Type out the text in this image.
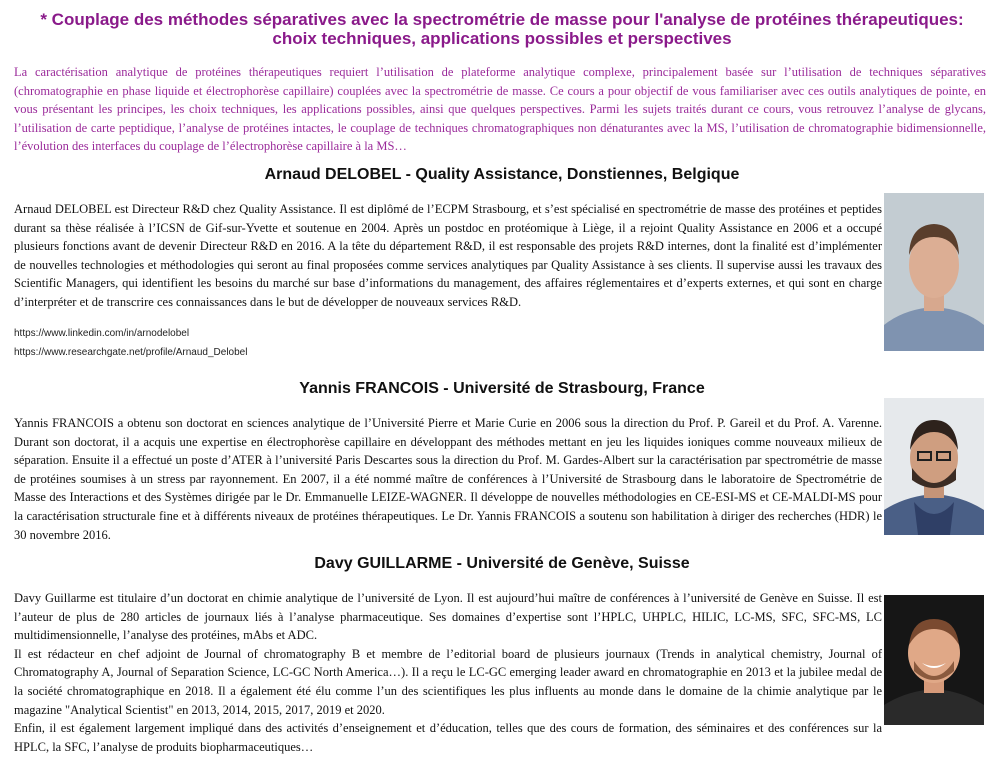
* Couplage des méthodes séparatives avec la spectrométrie de masse pour l'analyse de protéines thérapeutiques: choix techniques, applications possibles et perspectives

La caractérisation analytique de protéines thérapeutiques requiert l’utilisation de plateforme analytique complexe, principalement basée sur l’utilisation de techniques séparatives (chromatographie en phase liquide et électrophorèse capillaire) couplées avec la spectrométrie de masse. Ce cours a pour objectif de vous familiariser avec ces outils analytiques de pointe, en vous présentant les principes, les choix techniques, les applications possibles, ainsi que quelques perspectives. Parmi les sujets traités durant ce cours, vous retrouvez l’analyse de glycans, l’utilisation de carte peptidique, l’analyse de protéines intactes, le couplage de techniques chromatographiques non dénaturantes avec la MS, l’utilisation de chromatographie bidimensionnelle, l’évolution des interfaces du couplage de l’électrophorèse capillaire à la MS…

Arnaud DELOBEL - Quality Assistance, Donstiennes, Belgique

Arnaud DELOBEL est Directeur R&D chez Quality Assistance. Il est diplômé de l’ECPM Strasbourg, et s’est spécialisé en spectrométrie de masse des protéines et peptides durant sa thèse réalisée à l’ICSN de Gif-sur-Yvette et soutenue en 2004. Après un postdoc en protéomique à Liège, il a rejoint Quality Assistance en 2006 et a occupé plusieurs fonctions avant de devenir Directeur R&D en 2016. A la tête du département R&D, il est responsable des projets R&D internes, dont la finalité est d’implémenter de nouvelles technologies et méthodologies qui seront au final proposées comme services analytiques par Quality Assistance à ses clients. Il supervise aussi les travaux des Scientific Managers, qui identifient les besoins du marché sur base d’informations du management, des affaires réglementaires et d’experts externes, et qui sont en charge d’interpréter et de transcrire ces connaissances dans le but de développer de nouveaux services R&D.

https://www.linkedin.com/in/arnodelobel
https://www.researchgate.net/profile/Arnaud_Delobel
Yannis FRANCOIS - Université de Strasbourg, France

Yannis FRANCOIS a obtenu son doctorat en sciences analytique de l’Université Pierre et Marie Curie en 2006 sous la direction du Prof. P. Gareil et du Prof. A. Varenne. Durant son doctorat, il a acquis une expertise en électrophorèse capillaire en développant des méthodes mettant en jeu les liquides ioniques comme nouveaux milieux de séparation. Ensuite il a effectué un poste d’ATER à l’université Paris Descartes sous la direction du Prof. M. Gardes-Albert sur la caractérisation par spectrométrie de masse de protéines soumises à un stress par rayonnement. En 2007, il a été nommé maître de conférences à l’Université de Strasbourg dans le laboratoire de Spectrométrie de Masse des Interactions et des Systèmes dirigée par le Dr. Emmanuelle LEIZE-WAGNER. Il développe de nouvelles méthodologies en CE-ESI-MS et CE-MALDI-MS pour la caractérisation structurale fine et à différents niveaux de protéines thérapeutiques. Le Dr. Yannis FRANCOIS a soutenu son habilitation à diriger des recherches (HDR) le 30 novembre 2016.

Davy GUILLARME - Université de Genève, Suisse

Davy Guillarme est titulaire d’un doctorat en chimie analytique de l’université de Lyon. Il est aujourd’hui maître de conférences à l’université de Genève en Suisse. Il est l’auteur de plus de 280 articles de journaux liés à l’analyse pharmaceutique. Ses domaines d’expertise sont l’HPLC, UHPLC, HILIC, LC-MS, SFC, SFC-MS, LC multidimensionnelle, l’analyse des protéines, mAbs et ADC.

Il est rédacteur en chef adjoint de Journal of chromatography B et membre de l’editorial board de plusieurs journaux (Trends in analytical chemistry, Journal of Chromatography A, Journal of Separation Science, LC-GC North America…). Il a reçu le LC-GC emerging leader award en chromatographie en 2013 et la jubilee medal de la société chromatographique en 2018. Il a également été élu comme l’un des scientifiques les plus influents au monde dans le domaine de la chimie analytique par le magazine "Analytical Scientist" en 2013, 2014, 2015, 2017, 2019 et 2020.

Enfin, il est également largement impliqué dans des activités d’enseignement et d’éducation, telles que des cours de formation, des séminaires et des conférences sur la HPLC, la SFC, l’analyse de produits biopharmaceutiques…
